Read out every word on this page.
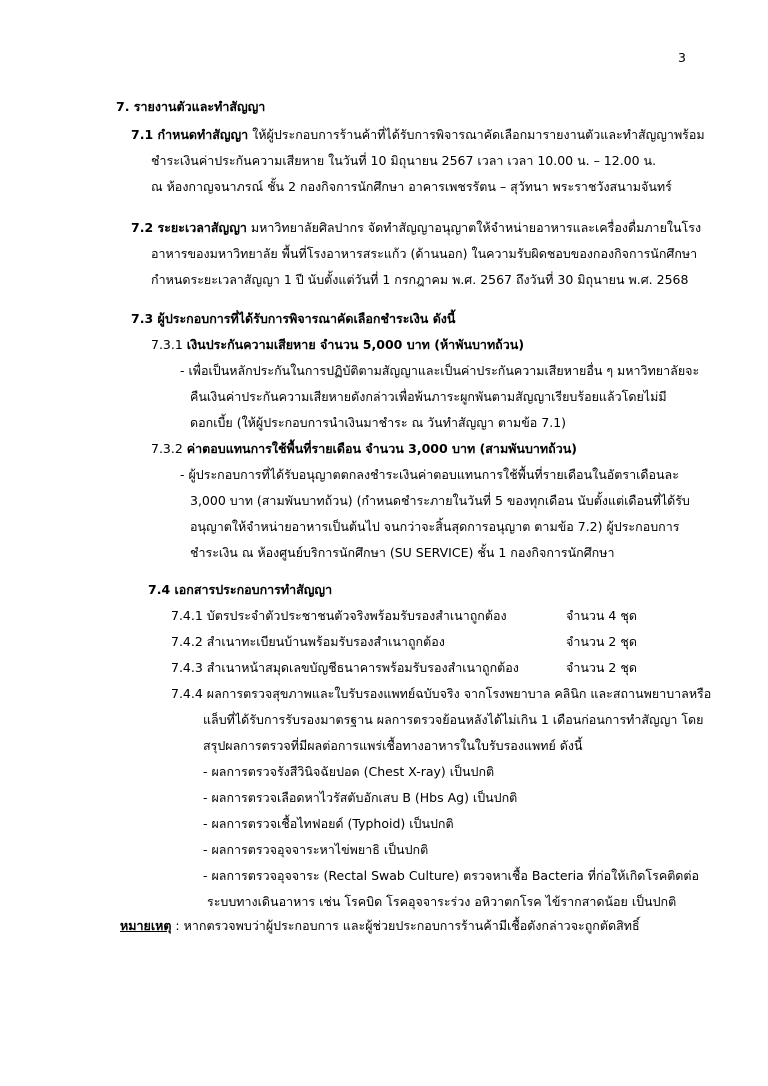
3
7. รายงานตัวและทำสัญญา
7.1 กำหนดทำสัญญา ให้ผู้ประกอบการร้านค้าที่ได้รับการพิจารณาคัดเลือกมารายงานตัวและทำสัญญาพร้อม
ชำระเงินค่าประกันความเสียหาย ในวันที่ 10 มิถุนายน 2567 เวลา เวลา 10.00 น. – 12.00 น.
ณ ห้องกาญจนาภรณ์ ชั้น 2 กองกิจการนักศึกษา อาคารเพชรรัตน – สุวัทนา พระราชวังสนามจันทร์
7.2 ระยะเวลาสัญญา มหาวิทยาลัยศิลปากร จัดทำสัญญาอนุญาตให้จำหน่ายอาหารและเครื่องดื่มภายในโรง
อาหารของมหาวิทยาลัย พื้นที่โรงอาหารสระแก้ว (ด้านนอก) ในความรับผิดชอบของกองกิจการนักศึกษา
กำหนดระยะเวลาสัญญา 1 ปี นับตั้งแต่วันที่ 1 กรกฎาคม พ.ศ. 2567 ถึงวันที่ 30 มิถุนายน พ.ศ. 2568
7.3 ผู้ประกอบการที่ได้รับการพิจารณาคัดเลือกชำระเงิน ดังนี้
7.3.1 เงินประกันความเสียหาย จำนวน 5,000 บาท (ห้าพันบาทถ้วน)
- เพื่อเป็นหลักประกันในการปฏิบัติตามสัญญาและเป็นค่าประกันความเสียหายอื่น ๆ มหาวิทยาลัยจะ
คืนเงินค่าประกันความเสียหายดังกล่าวเพื่อพ้นภาระผูกพันตามสัญญาเรียบร้อยแล้วโดยไม่มี
ดอกเบี้ย (ให้ผู้ประกอบการนำเงินมาชำระ ณ วันทำสัญญา ตามข้อ 7.1)
7.3.2 ค่าตอบแทนการใช้พื้นที่รายเดือน จำนวน 3,000 บาท (สามพันบาทถ้วน)
- ผู้ประกอบการที่ได้รับอนุญาตตกลงชำระเงินค่าตอบแทนการใช้พื้นที่รายเดือนในอัตราเดือนละ
3,000 บาท (สามพันบาทถ้วน) (กำหนดชำระภายในวันที่ 5 ของทุกเดือน นับตั้งแต่เดือนที่ได้รับ
อนุญาตให้จำหน่ายอาหารเป็นต้นไป จนกว่าจะสิ้นสุดการอนุญาต ตามข้อ 7.2) ผู้ประกอบการ
ชำระเงิน ณ ห้องศูนย์บริการนักศึกษา (SU SERVICE) ชั้น 1 กองกิจการนักศึกษา
7.4 เอกสารประกอบการทำสัญญา
7.4.1 บัตรประจำตัวประชาชนตัวจริงพร้อมรับรองสำเนาถูกต้อง	จำนวน 4 ชุด
7.4.2 สำเนาทะเบียนบ้านพร้อมรับรองสำเนาถูกต้อง	จำนวน 2 ชุด
7.4.3 สำเนาหน้าสมุดเลขบัญชีธนาคารพร้อมรับรองสำเนาถูกต้อง	จำนวน 2 ชุด
7.4.4 ผลการตรวจสุขภาพและใบรับรองแพทย์ฉบับจริง จากโรงพยาบาล คลินิก และสถานพยาบาลหรือ
แล็บที่ได้รับการรับรองมาตรฐาน ผลการตรวจย้อนหลังได้ไม่เกิน 1 เดือนก่อนการทำสัญญา โดย
สรุปผลการตรวจที่มีผลต่อการแพร่เชื้อทางอาหารในใบรับรองแพทย์ ดังนี้
- ผลการตรวจรังสีวินิจฉัยปอด (Chest X-ray) เป็นปกติ
- ผลการตรวจเลือดหาไวรัสตับอักเสบ B (Hbs Ag) เป็นปกติ
- ผลการตรวจเชื้อไทฟอยด์ (Typhoid) เป็นปกติ
- ผลการตรวจอุจจาระหาไข่พยาธิ เป็นปกติ
- ผลการตรวจอุจจาระ (Rectal Swab Culture) ตรวจหาเชื้อ Bacteria ที่ก่อให้เกิดโรคติดต่อ
ระบบทางเดินอาหาร เช่น โรคบิด โรคอุจจาระร่วง อหิวาตกโรค ไข้รากสาดน้อย เป็นปกติ
หมายเหตุ : หากตรวจพบว่าผู้ประกอบการ และผู้ช่วยประกอบการร้านค้ามีเชื้อดังกล่าวจะถูกตัดสิทธิ์
